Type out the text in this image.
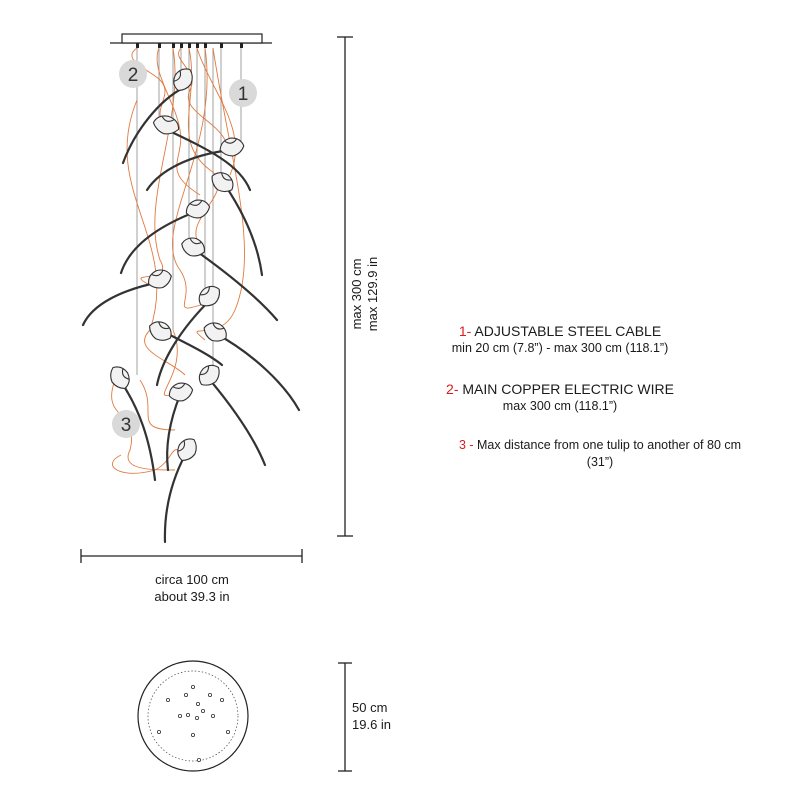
1
2
3
max 300 cm max 129.9 in
circa 100 cm
about 39.3 in
50 cm
19.6 in
1- ADJUSTABLE STEEL CABLE
min 20 cm (7.8”) - max 300 cm (118.1”)
2- MAIN COPPER ELECTRIC WIRE
max 300 cm (118.1”)
3 - Max distance from one tulip to another of 80 cm
(31”)
